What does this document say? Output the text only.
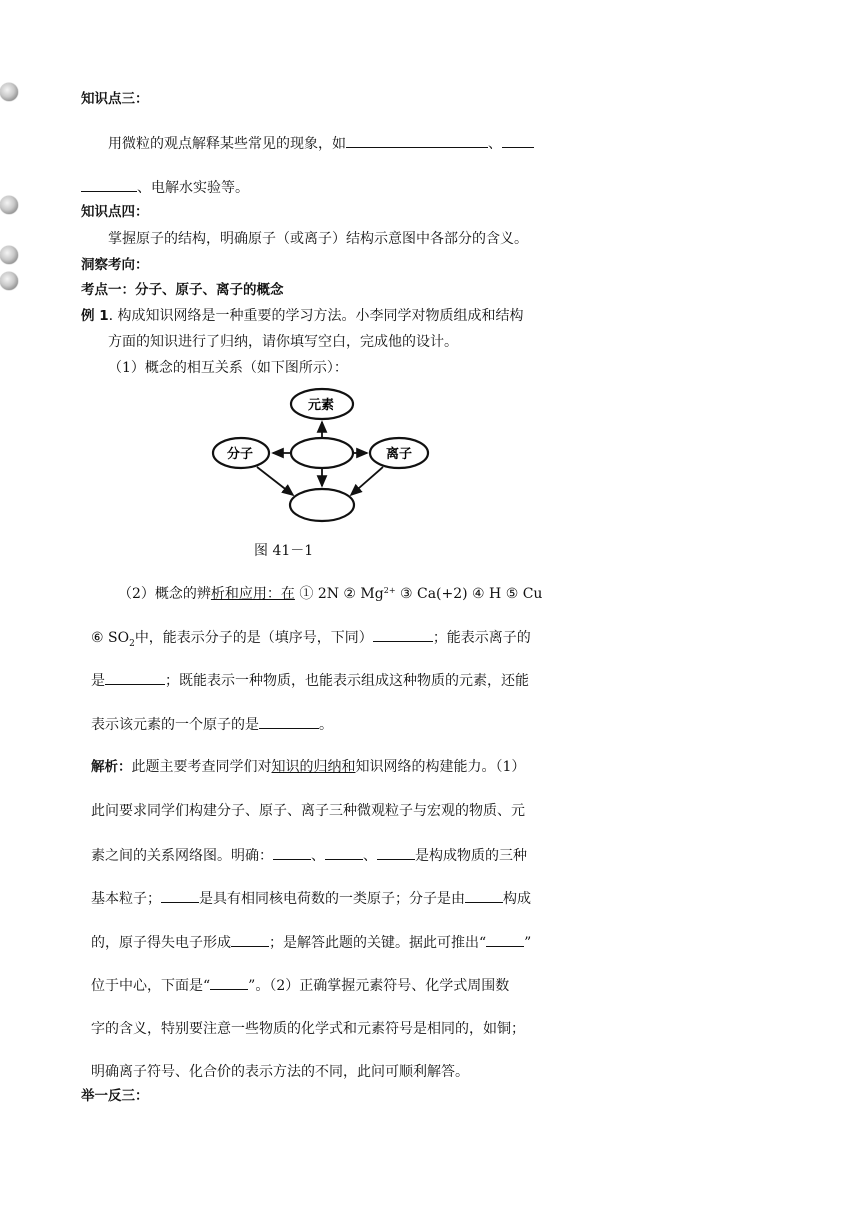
知识点三：
用微粒的观点解释某些常见的现象，如	、
、电解水实验等。
知识点四：
掌握原子的结构，明确原子（或离子）结构示意图中各部分的含义。
洞察考向：
考点一：分子、原子、离子的概念
例 1. 构成知识网络是一种重要的学习方法。小李同学对物质组成和结构
方面的知识进行了归纳，请你填写空白，完成他的设计。
（1）概念的相互关系（如下图所示）：
元素
分子	离子
图 41－1
（2）概念的辨析和应用：在 ① 2N ② $Mg^{2+}$ ③ Ca(+2) ④ H ⑤ Cu
⑥ $SO_2$中，能表示分子的是（填序号，下同）	；能表示离子的
是	；既能表示一种物质，也能表示组成这种物质的元素，还能
表示该元素的一个原子的是	。
解析：此题主要考查同学们对知识的归纳和知识网络的构建能力。（1）
此问要求同学们构建分子、原子、离子三种微观粒子与宏观的物质、元
素之间的关系网络图。明确：	、	、	是构成物质的三种
基本粒子；	是具有相同核电荷数的一类原子；分子是由	构成
的，原子得失电子形成	；是解答此题的关键。据此可推出“	”
位于中心，下面是“	”。（2）正确掌握元素符号、化学式周围数
字的含义，特别要注意一些物质的化学式和元素符号是相同的，如铜；
明确离子符号、化合价的表示方法的不同，此问可顺利解答。
举一反三：
